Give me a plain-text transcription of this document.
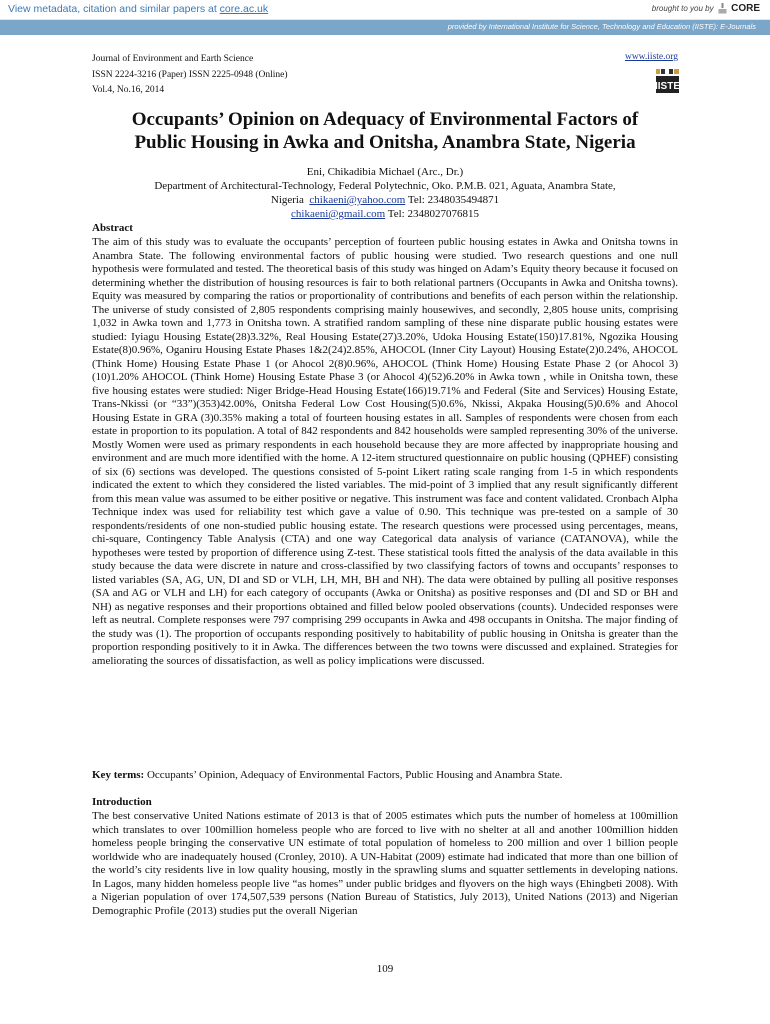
View metadata, citation and similar papers at core.ac.uk	brought to you by CORE
provided by International Institute for Science, Technology and Education (IISTE): E-Journals
Journal of Environment and Earth Science
ISSN 2224-3216 (Paper) ISSN 2225-0948 (Online)
Vol.4, No.16, 2014
www.iiste.org
IISTE
Occupants’ Opinion on Adequacy of Environmental Factors of
Public Housing in Awka and Onitsha, Anambra State, Nigeria
Eni, Chikadibia Michael (Arc., Dr.)
Department of Architectural-Technology, Federal Polytechnic, Oko. P.M.B. 021, Aguata, Anambra State,
Nigeria chikaeni@yahoo.com Tel: 2348035494871
chikaeni@gmail.com Tel: 2348027076815
Abstract

The aim of this study was to evaluate the occupants’ perception of fourteen public housing estates in Awka and Onitsha towns in Anambra State. The following environmental factors of public housing were studied. Two research questions and one null hypothesis were formulated and tested. The theoretical basis of this study was hinged on Adam’s Equity theory because it focused on determining whether the distribution of housing resources is fair to both relational partners (Occupants in Awka and Onitsha towns). Equity was measured by comparing the ratios or proportionality of contributions and benefits of each person within the relationship. The universe of study consisted of 2,805 respondents comprising mainly housewives, and secondly, 2,805 house units, comprising 1,032 in Awka town and 1,773 in Onitsha town. A stratified random sampling of these nine disparate public housing estates were studied: Iyiagu Housing Estate(28)3.32%, Real Housing Estate(27)3.20%, Udoka Housing Estate(150)17.81%, Ngozika Housing Estate(8)0.96%, Oganiru Housing Estate Phases 1&2(24)2.85%, AHOCOL (Inner City Layout) Housing Estate(2)0.24%, AHOCOL (Think Home) Housing Estate Phase 1 (or Ahocol 2(8)0.96%, AHOCOL (Think Home) Housing Estate Phase 2 (or Ahocol 3)(10)1.20% AHOCOL (Think Home) Housing Estate Phase 3 (or Ahocol 4)(52)6.20% in Awka town , while in Onitsha town, these five housing estates were studied: Niger Bridge-Head Housing Estate(166)19.71% and Federal (Site and Services) Housing Estate, Trans-Nkissi (or “33”)(353)42.00%, Onitsha Federal Low Cost Housing(5)0.6%, Nkissi, Akpaka Housing(5)0.6% and Ahocol Housing Estate in GRA (3)0.35% making a total of fourteen housing estates in all. Samples of respondents were chosen from each estate in proportion to its population. A total of 842 respondents and 842 households were sampled representing 30% of the universe. Mostly Women were used as primary respondents in each household because they are more affected by inappropriate housing and environment and are much more identified with the home. A 12-item structured questionnaire on public housing (QPHEF) consisting of six (6) sections was developed. The questions consisted of 5-point Likert rating scale ranging from 1-5 in which respondents indicated the extent to which they considered the listed variables. The mid-point of 3 implied that any result significantly different from this mean value was assumed to be either positive or negative. This instrument was face and content validated. Cronbach Alpha Technique index was used for reliability test which gave a value of 0.90. This technique was pre-tested on a sample of 30 respondents/residents of one non-studied public housing estate. The research questions were processed using percentages, means, chi-square, Contingency Table Analysis (CTA) and one way Categorical data analysis of variance (CATANOVA), while the hypotheses were tested by proportion of difference using Z-test. These statistical tools fitted the analysis of the data available in this study because the data were discrete in nature and cross-classified by two classifying factors of towns and occupants’ responses to listed variables (SA, AG, UN, DI and SD or VLH, LH, MH, BH and NH). The data were obtained by pulling all positive responses (SA and AG or VLH and LH) for each category of occupants (Awka or Onitsha) as positive responses and (DI and SD or BH and NH) as negative responses and their proportions obtained and filled below pooled observations (counts). Undecided responses were left as neutral. Complete responses were 797 comprising 299 occupants in Awka and 498 occupants in Onitsha. The major finding of the study was (1). The proportion of occupants responding positively to habitability of public housing in Onitsha is greater than the proportion responding positively to it in Awka. The differences between the two towns were discussed and explained. Strategies for ameliorating the sources of dissatisfaction, as well as policy implications were discussed.

Key terms: Occupants’ Opinion, Adequacy of Environmental Factors, Public Housing and Anambra State.

Introduction

The best conservative United Nations estimate of 2013 is that of 2005 estimates which puts the number of homeless at 100million which translates to over 100million homeless people who are forced to live with no shelter at all and another 100million hidden homeless people bringing the conservative UN estimate of total population of homeless to 200 million and over 1 billion people worldwide who are inadequately housed (Cronley, 2010). A UN-Habitat (2009) estimate had indicated that more than one billion of the world’s city residents live in low quality housing, mostly in the sprawling slums and squatter settlements in developing nations. In Lagos, many hidden homeless people live “as homes” under public bridges and flyovers on the high ways (Ehingbeti 2008). With a Nigerian population of over 174,507,539 persons (Nation Bureau of Statistics, July 2013), United Nations (2013) and Nigerian Demographic Profile (2013) studies put the overall Nigerian

109
